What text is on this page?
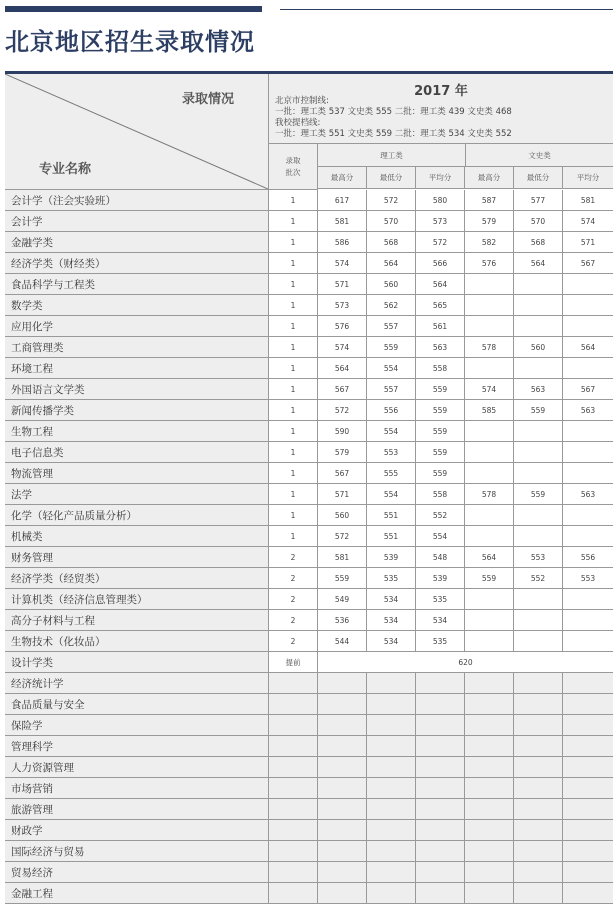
北京地区招生录取情况
录取情况
专业名称
2017 年
北京市控制线:
一批：理工类 537 文史类 555 二批：理工类 439 文史类 468
我校提档线:
一批：理工类 551 文史类 559 二批：理工类 534 文史类 552
录取
批次
理工类	文史类
最高分	最低分	平均分	最高分	最低分	平均分
会计学（注会实验班）	1	617	572	580	587	577	581
会计学	1	581	570	573	579	570	574
金融学类	1	586	568	572	582	568	571
经济学类（财经类）	1	574	564	566	576	564	567
食品科学与工程类	1	571	560	564
数学类	1	573	562	565
应用化学	1	576	557	561
工商管理类	1	574	559	563	578	560	564
环境工程	1	564	554	558
外国语言文学类	1	567	557	559	574	563	567
新闻传播学类	1	572	556	559	585	559	563
生物工程	1	590	554	559
电子信息类	1	579	553	559
物流管理	1	567	555	559
法学	1	571	554	558	578	559	563
化学（轻化产品质量分析）	1	560	551	552
机械类	1	572	551	554
财务管理	2	581	539	548	564	553	556
经济学类（经贸类）	2	559	535	539	559	552	553
计算机类（经济信息管理类）	2	549	534	535
高分子材料与工程	2	536	534	534
生物技术（化妆品）	2	544	534	535
设计学类	提前	620
经济统计学
食品质量与安全
保险学
管理科学
人力资源管理
市场营销
旅游管理
财政学
国际经济与贸易
贸易经济
金融工程
